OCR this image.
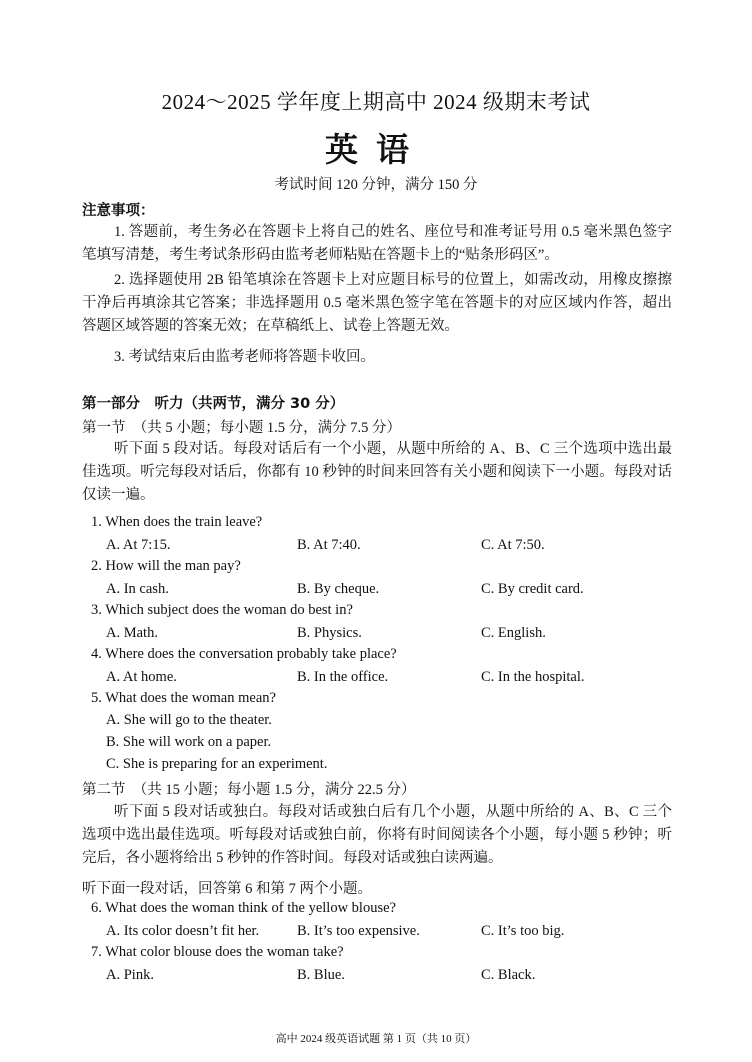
2024～2025 学年度上期高中 2024 级期末考试
英语
考试时间 120 分钟，满分 150 分
注意事项：
1. 答题前，考生务必在答题卡上将自己的姓名、座位号和准考证号用 0.5 毫米黑色签字笔填写清楚，考生考试条形码由监考老师粘贴在答题卡上的“贴条形码区”。
2. 选择题使用 2B 铅笔填涂在答题卡上对应题目标号的位置上，如需改动，用橡皮擦擦干净后再填涂其它答案；非选择题用 0.5 毫米黑色签字笔在答题卡的对应区域内作答，超出答题区域答题的答案无效；在草稿纸上、试卷上答题无效。
3. 考试结束后由监考老师将答题卡收回。
第一部分　听力（共两节，满分 30 分）
第一节　（共 5 小题；每小题 1.5 分，满分 7.5 分）
听下面 5 段对话。每段对话后有一个小题，从题中所给的 A、B、C 三个选项中选出最佳选项。听完每段对话后，你都有 10 秒钟的时间来回答有关小题和阅读下一小题。每段对话仅读一遍。
1. When does the train leave?
A. At 7:15.	B. At 7:40.	C. At 7:50.
2. How will the man pay?
A. In cash.	B. By cheque.	C. By credit card.
3. Which subject does the woman do best in?
A. Math.	B. Physics.	C. English.
4. Where does the conversation probably take place?
A. At home.	B. In the office.	C. In the hospital.
5. What does the woman mean?
A. She will go to the theater.
B. She will work on a paper.
C. She is preparing for an experiment.
第二节　（共 15 小题；每小题 1.5 分，满分 22.5 分）
听下面 5 段对话或独白。每段对话或独白后有几个小题，从题中所给的 A、B、C 三个选项中选出最佳选项。听每段对话或独白前，你将有时间阅读各个小题，每小题 5 秒钟；听完后，各小题将给出 5 秒钟的作答时间。每段对话或独白读两遍。
听下面一段对话，回答第 6 和第 7 两个小题。
6. What does the woman think of the yellow blouse?
A. Its color doesn’t fit her.	B. It’s too expensive.	C. It’s too big.
7. What color blouse does the woman take?
A. Pink.	B. Blue.	C. Black.
高中 2024 级英语试题 第 1 页（共 10 页）
